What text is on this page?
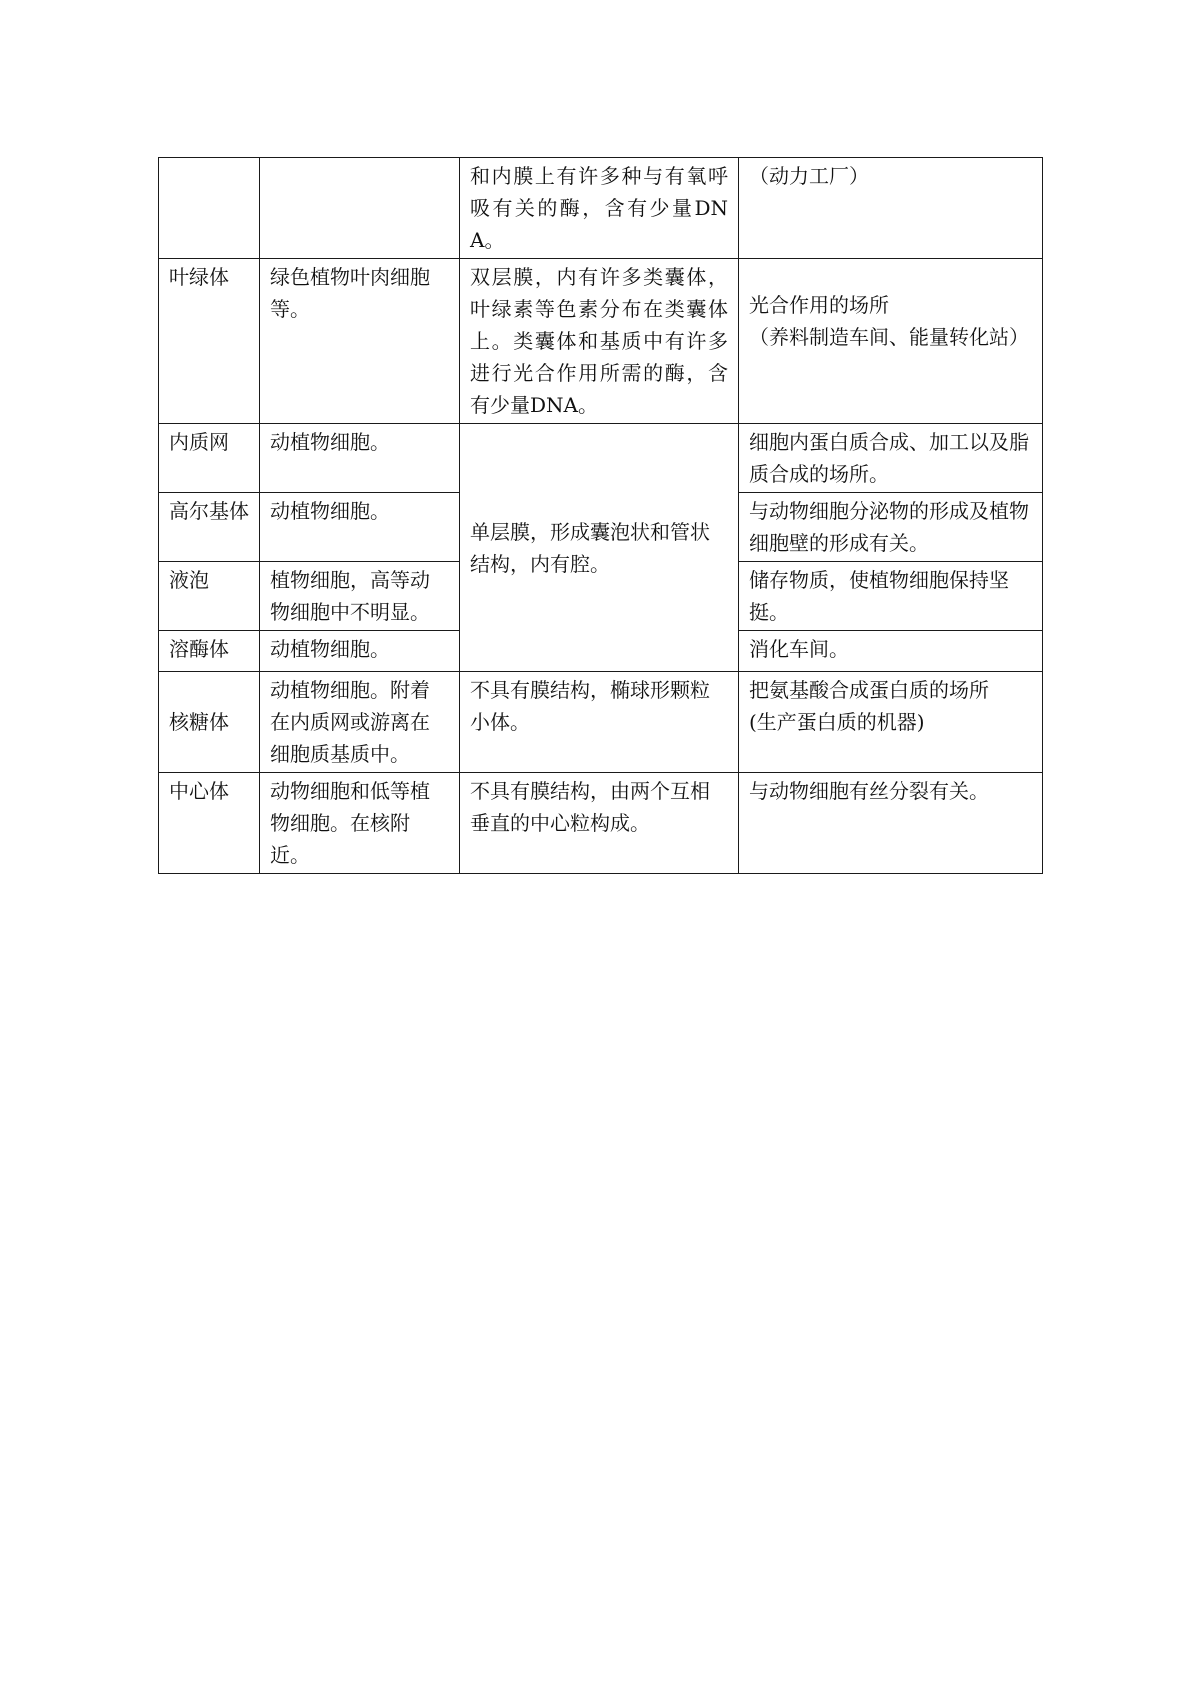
		和内膜上有许多种与有氧呼吸有关的酶，含有少量DNA。	（动力工厂）
叶绿体	绿色植物叶肉细胞等。	双层膜，内有许多类囊体，叶绿素等色素分布在类囊体上。类囊体和基质中有许多进行光合作用所需的酶，含有少量DNA。	光合作用的场所
（养料制造车间、能量转化站）

内质网	动植物细胞。	单层膜，形成囊泡状和管状结构，内有腔。	细胞内蛋白质合成、加工以及脂质合成的场所。
高尔基体	动植物细胞。		与动物细胞分泌物的形成及植物细胞壁的形成有关。
液泡	植物细胞，高等动物细胞中不明显。		储存物质，使植物细胞保持坚挺。
溶酶体	动植物细胞。		消化车间。
核糖体	动植物细胞。附着在内质网或游离在细胞质基质中。	不具有膜结构，椭球形颗粒小体。	把氨基酸合成蛋白质的场所
(生产蛋白质的机器)

中心体	动物细胞和低等植物细胞。在核附近。	不具有膜结构，由两个互相垂直的中心粒构成。	与动物细胞有丝分裂有关。
